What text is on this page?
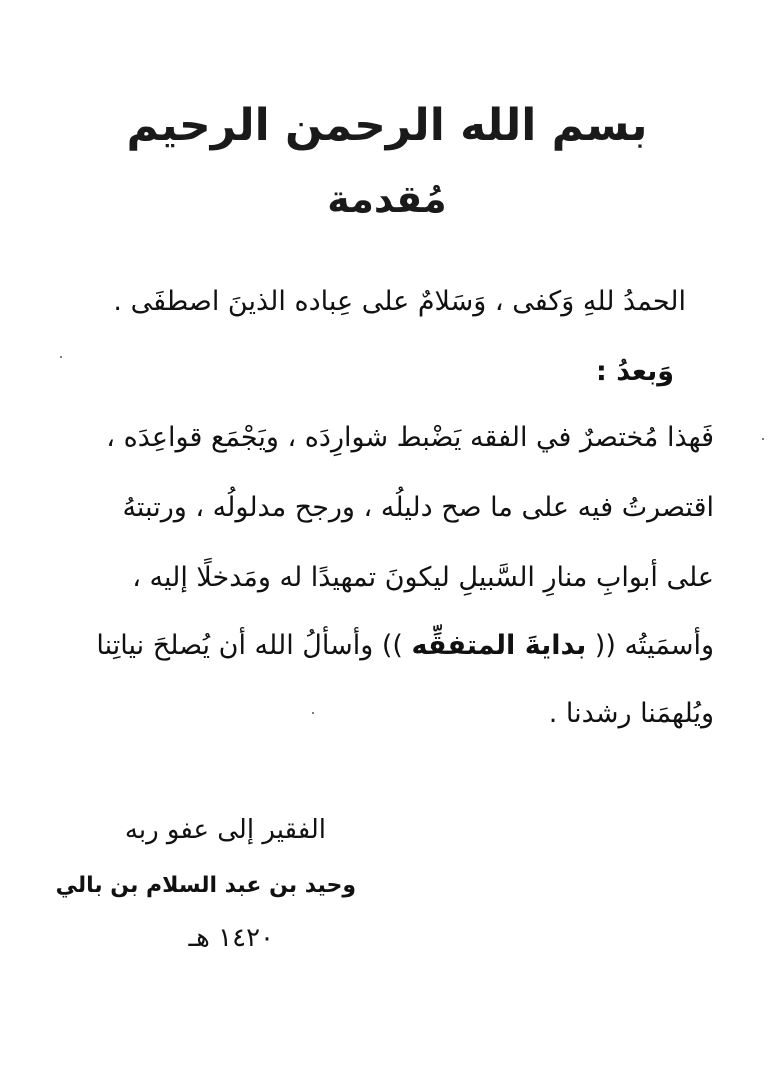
بسم الله الرحمن الرحيم
مُقدمة
الحمدُ للهِ وَكفى ، وَسَلامٌ على عِباده الذينَ اصطفَى .
وَبعدُ :
فَهذا مُختصرٌ في الفقه يَضْبط شوارِدَه ، ويَجْمَع قواعِدَه ،
اقتصرتُ فيه على ما صح دليلُه ، ورجح مدلولُه ، ورتبتهُ
على أبوابِ منارِ السَّبيلِ ليكونَ تمهيدًا له ومَدخلًا إليه ،
وأسمَيتُه (( بدايةَ المتفقِّه )) وأسألُ الله أن يُصلحَ نياتِنا
ويُلهمَنا رشدنا .
الفقير إلى عفو ربه
وحيد بن عبد السلام بن بالي
١٤٢٠ هـ
